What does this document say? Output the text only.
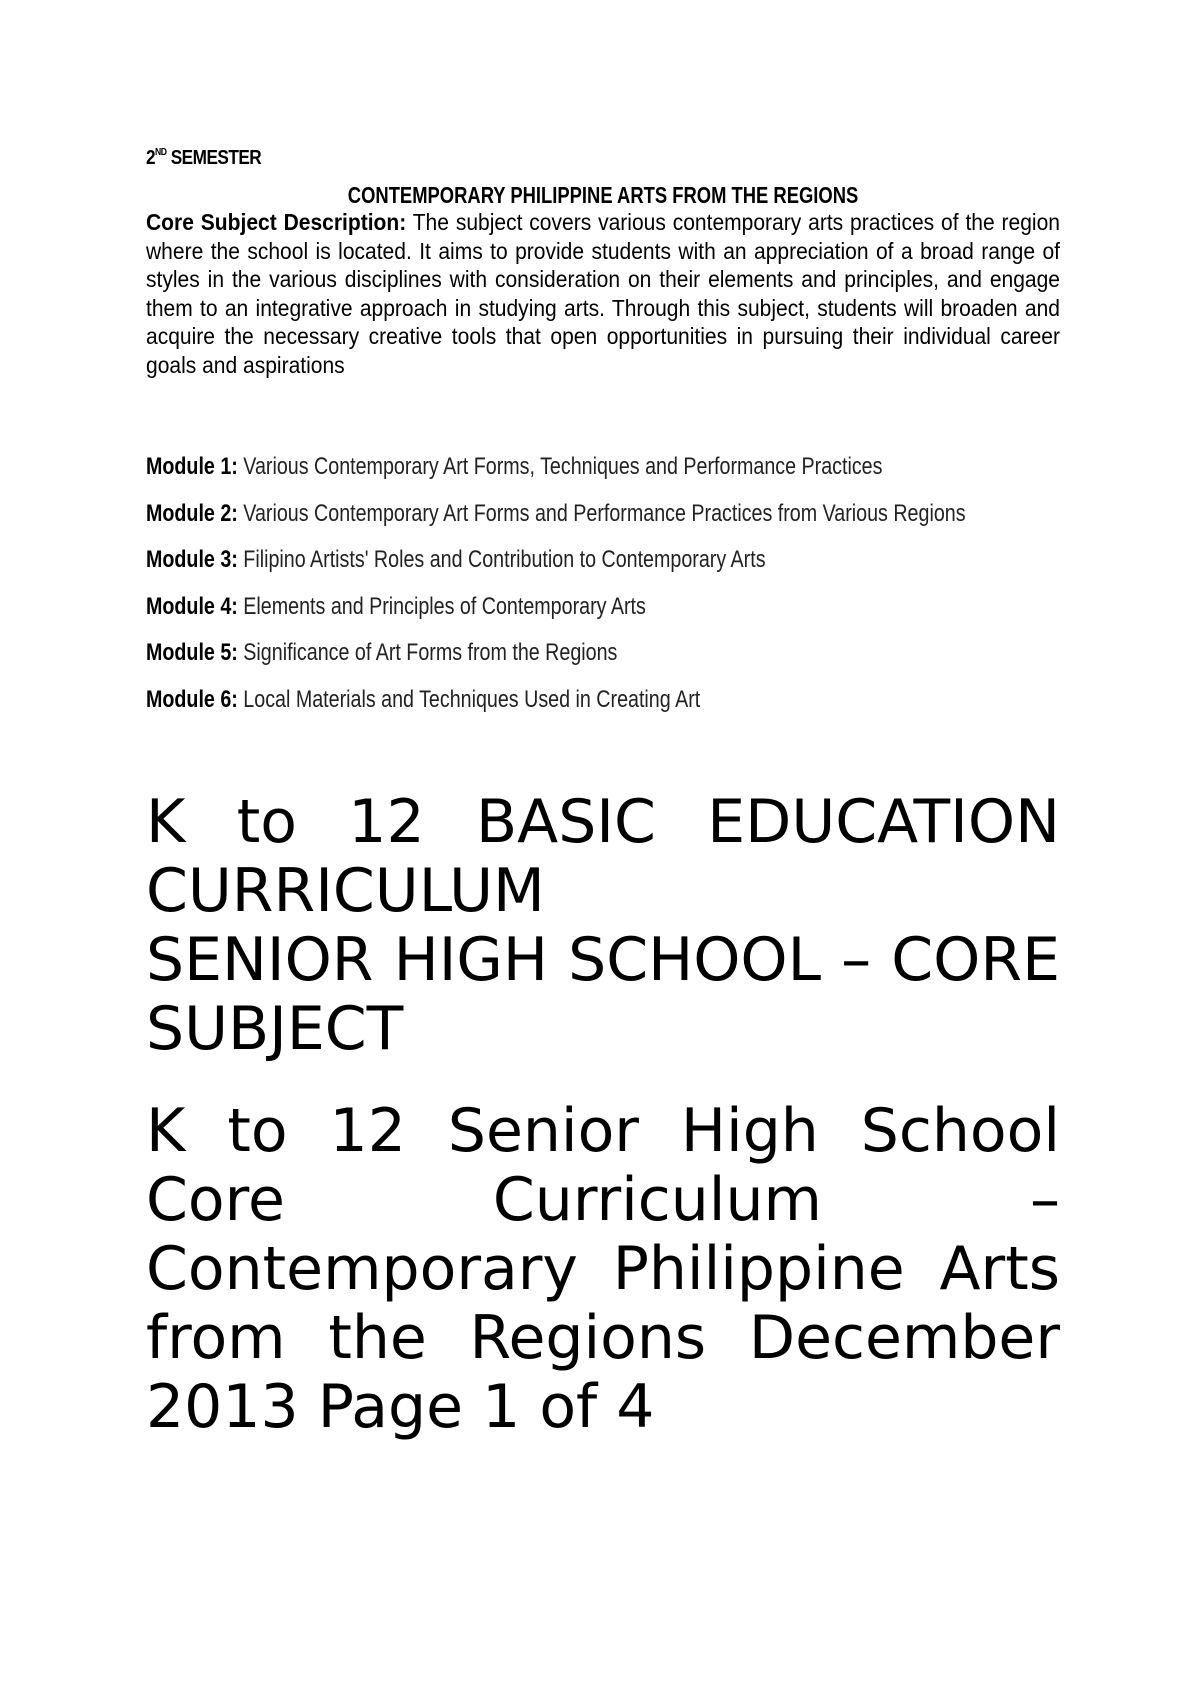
2ND SEMESTER
CONTEMPORARY PHILIPPINE ARTS FROM THE REGIONS
Core Subject Description: The subject covers various contemporary arts practices of the region where the school is located. It aims to provide students with an appreciation of a broad range of styles in the various disciplines with consideration on their elements and principles, and engage them to an integrative approach in studying arts. Through this subject, students will broaden and acquire the necessary creative tools that open opportunities in pursuing their individual career goals and aspirations
Module 1: Various Contemporary Art Forms, Techniques and Performance Practices
Module 2: Various Contemporary Art Forms and Performance Practices from Various Regions
Module 3: Filipino Artists' Roles and Contribution to Contemporary Arts
Module 4: Elements and Principles of Contemporary Arts
Module 5: Significance of Art Forms from the Regions
Module 6: Local Materials and Techniques Used in Creating Art
K to 12 BASIC EDUCATION CURRICULUM
SENIOR HIGH SCHOOL – CORE SUBJECT
K to 12 Senior High School Core Curriculum – Contemporary Philippine Arts from the Regions December 2013 Page 1 of 4
